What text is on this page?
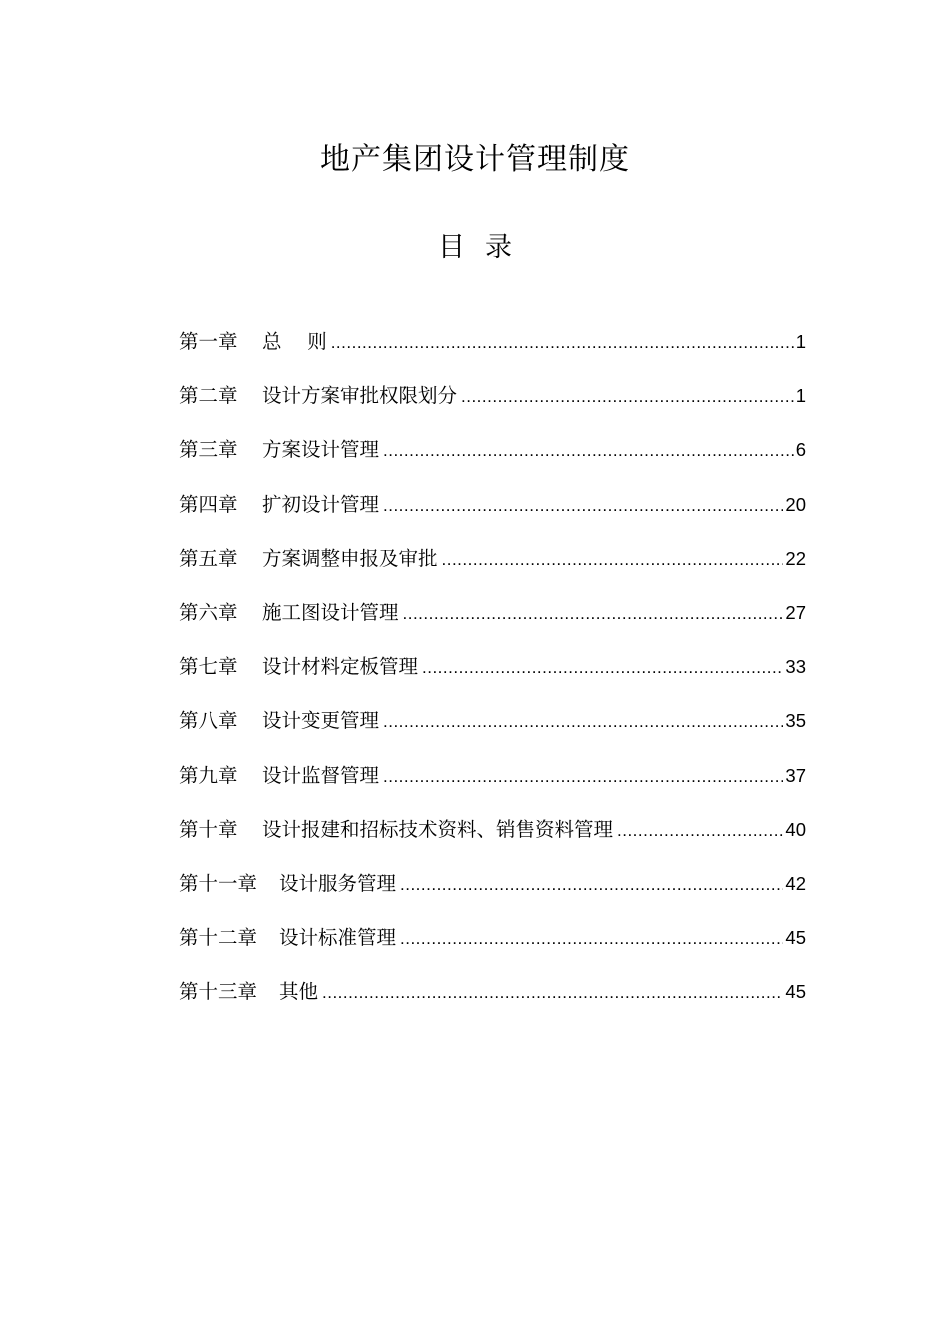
地产集团设计管理制度
目 录
第一章	总　 则 .....	1
第二章	设计方案审批权限划分 .....	1
第三章	方案设计管理 .....	6
第四章	扩初设计管理 .....	20
第五章	方案调整申报及审批 .....	22
第六章	施工图设计管理 .....	27
第七章	设计材料定板管理 .....	33
第八章	设计变更管理 .....	35
第九章	设计监督管理 .....	37
第十章	设计报建和招标技术资料、销售资料管理 .....	40
第十一章	设计服务管理 .....	42
第十二章	设计标准管理 .....	45
第十三章	其他 .....	45
